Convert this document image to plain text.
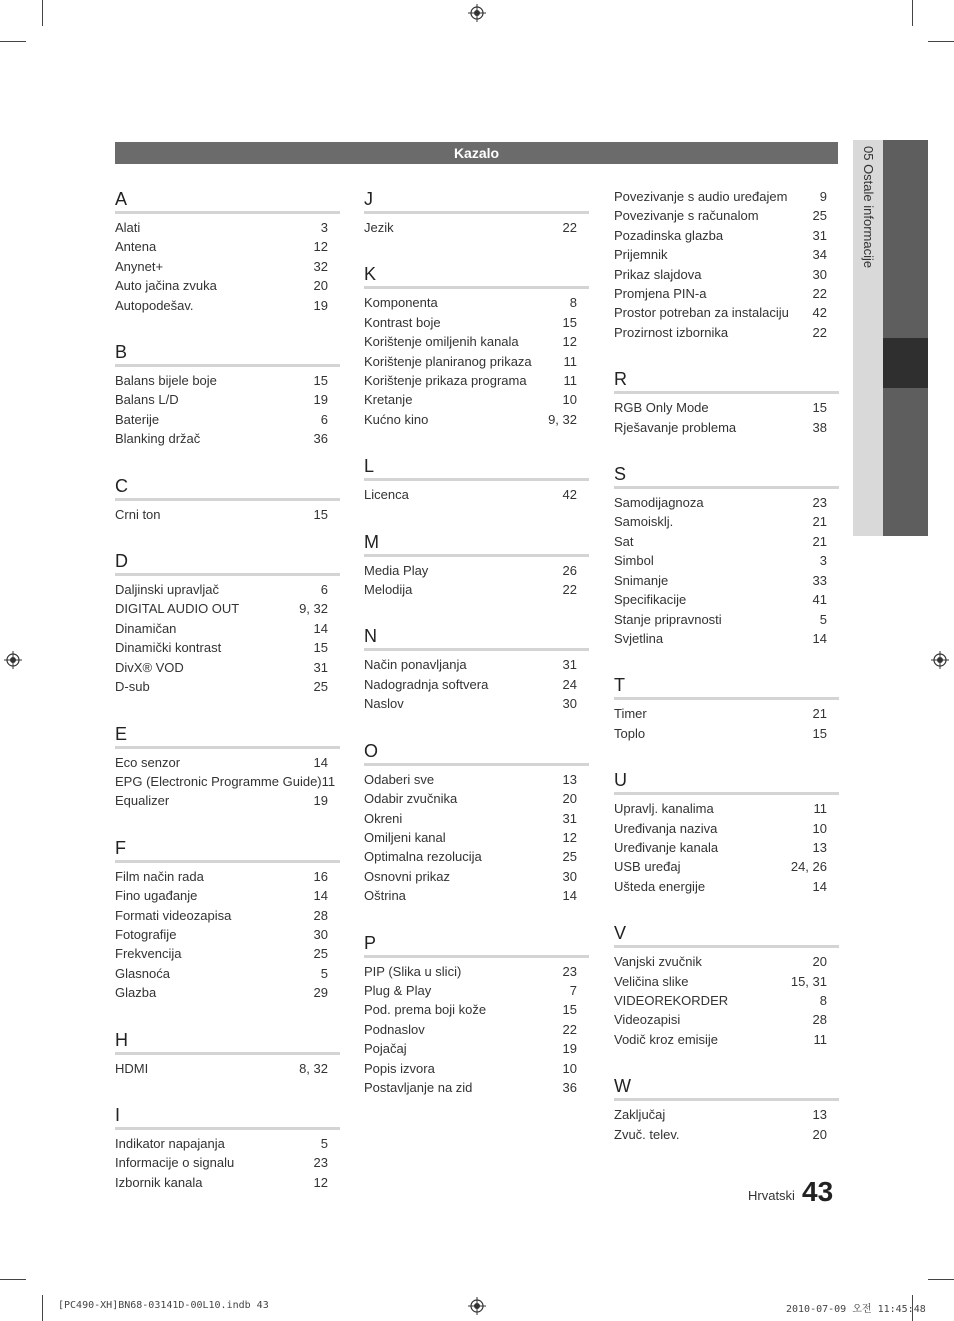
Kazalo	05 Ostale informacije
A
Alati	3
Antena	12
Anynet+	32
Auto jačina zvuka	20
Autopodešav.	19
B
Balans bijele boje	15
Balans L/D	19
Baterije	6
Blanking držač	36
C
Crni ton	15
D
Daljinski upravljač	6
DIGITAL AUDIO OUT	9, 32
Dinamičan	14
Dinamički kontrast	15
DivX® VOD	31
D-sub	25
E
Eco senzor	14
EPG (Electronic Programme Guide) 11
Equalizer	19
F
Film način rada	16
Fino ugađanje	14
Formati videozapisa	28
Fotografije	30
Frekvencija	25
Glasnoća	5
Glazba	29
H
HDMI	8, 32
I
Indikator napajanja	5
Informacije o signalu	23
Izbornik kanala	12
J
Jezik	22
K
Komponenta	8
Kontrast boje	15
Korištenje omiljenih kanala	12
Korištenje planiranog prikaza 11
Korištenje prikaza programa	11
Kretanje	10
Kućno kino	9, 32
L
Licenca	42
M
Media Play	26
Melodija	22
N
Način ponavljanja	31
Nadogradnja softvera	24
Naslov	30
O
Odaberi sve	13
Odabir zvučnika	20
Okreni	31
Omiljeni kanal	12
Optimalna rezolucija	25
Osnovni prikaz	30
Oštrina	14
P
PIP (Slika u slici)	23
Plug & Play	7
Pod. prema boji kože	15
Podnaslov	22
Pojačaj	19
Popis izvora	10
Postavljanje na zid	36
Povezivanje s audio uređajem 9
Povezivanje s računalom	25
Pozadinska glazba	31
Prijemnik	34
Prikaz slajdova	30
Promjena PIN-a	22
Prostor potreban za instalaciju 42
Prozirnost izbornika	22
R
RGB Only Mode	15
Rješavanje problema	38
S
Samodijagnoza	23
Samoisklj.	21
Sat	21
Simbol	3
Snimanje	33
Specifikacije	41
Stanje pripravnosti	5
Svjetlina	14
T
Timer	21
Toplo	15
U
Upravlj. kanalima	11
Uređivanja naziva	10
Uređivanje kanala	13
USB uređaj	24, 26
Ušteda energije	14
V
Vanjski zvučnik	20
Veličina slike	15, 31
VIDEOREKORDER	8
Videozapisi	28
Vodič kroz emisije	11
W
Zaključaj	13
Zvuč. telev.	20
Hrvatski 43
[PC490-XH]BN68-03141D-00L10.indb 43	2010-07-09 오전 11:45:48
